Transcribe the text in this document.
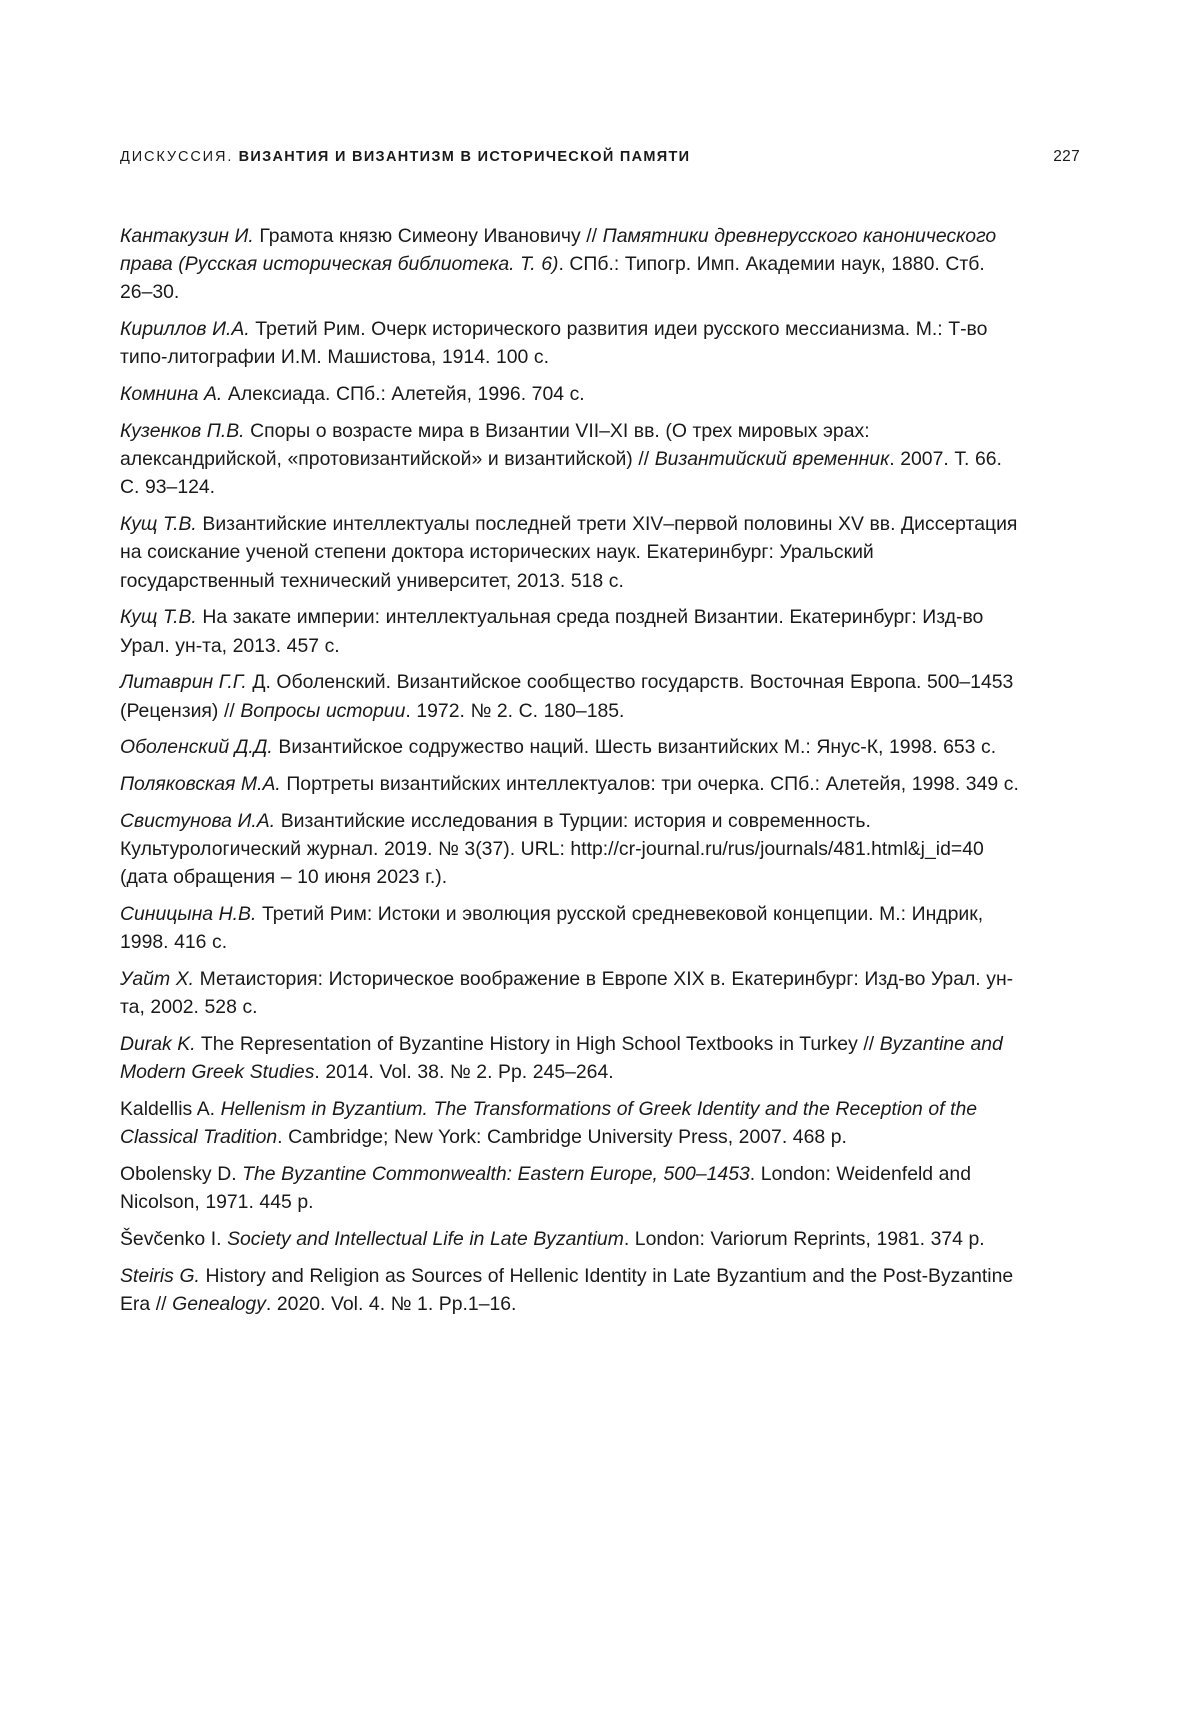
ДИСКУССИЯ. ВИЗАНТИЯ И ВИЗАНТИЗМ В ИСТОРИЧЕСКОЙ ПАМЯТИ	227

Кантакузин И. Грамота князю Симеону Ивановичу // Памятники древнерусского канонического права (Русская историческая библиотека. Т. 6). СПб.: Типогр. Имп. Академии наук, 1880. Стб. 26–30.

Кириллов И.А. Третий Рим. Очерк исторического развития идеи русского мессианизма. М.: Т-во типо-литографии И.М. Машистова, 1914. 100 с.

Комнина А. Алексиада. СПб.: Алетейя, 1996. 704 с.

Кузенков П.В. Споры о возрасте мира в Византии VII–XI вв. (О трех мировых эрах: александрийской, «протовизантийской» и византийской) // Византийский временник. 2007. Т. 66. С. 93–124.

Кущ Т.В. Византийские интеллектуалы последней трети XIV–первой половины XV вв. Диссертация на соискание ученой степени доктора исторических наук. Екатеринбург: Уральский государственный технический университет, 2013. 518 с.

Кущ Т.В. На закате империи: интеллектуальная среда поздней Византии. Екатеринбург: Изд-во Урал. ун-та, 2013. 457 с.

Литаврин Г.Г. Д. Оболенский. Византийское сообщество государств. Восточная Европа. 500–1453 (Рецензия) // Вопросы истории. 1972. № 2. С. 180–185.

Оболенский Д.Д. Византийское содружество наций. Шесть византийских М.: Янус-К, 1998. 653 с.

Поляковская М.А. Портреты византийских интеллектуалов: три очерка. СПб.: Алетейя, 1998. 349 с.

Свистунова И.А. Византийские исследования в Турции: история и современность. Культурологический журнал. 2019. № 3(37). URL: http://cr-journal.ru/rus/journals/481.html&j_id=40 (дата обращения – 10 июня 2023 г.).

Синицына Н.В. Третий Рим: Истоки и эволюция русской средневековой концепции. М.: Индрик, 1998. 416 с.

Уайт Х. Метаистория: Историческое воображение в Европе XIX в. Екатеринбург: Изд-во Урал. ун-та, 2002. 528 с.

Durak K. The Representation of Byzantine History in High School Textbooks in Turkey // Byzantine and Modern Greek Studies. 2014. Vol. 38. № 2. Pp. 245–264.

Kaldellis A. Hellenism in Byzantium. The Transformations of Greek Identity and the Reception of the Classical Tradition. Cambridge; New York: Cambridge University Press, 2007. 468 p.

Obolensky D. The Byzantine Commonwealth: Eastern Europe, 500–1453. London: Weidenfeld and Nicolson, 1971. 445 p.

Ševčenko I. Society and Intellectual Life in Late Byzantium. London: Variorum Reprints, 1981. 374 p.

Steiris G. History and Religion as Sources of Hellenic Identity in Late Byzantium and the Post-Byzantine Era // Genealogy. 2020. Vol. 4. № 1. Pp.1–16.
